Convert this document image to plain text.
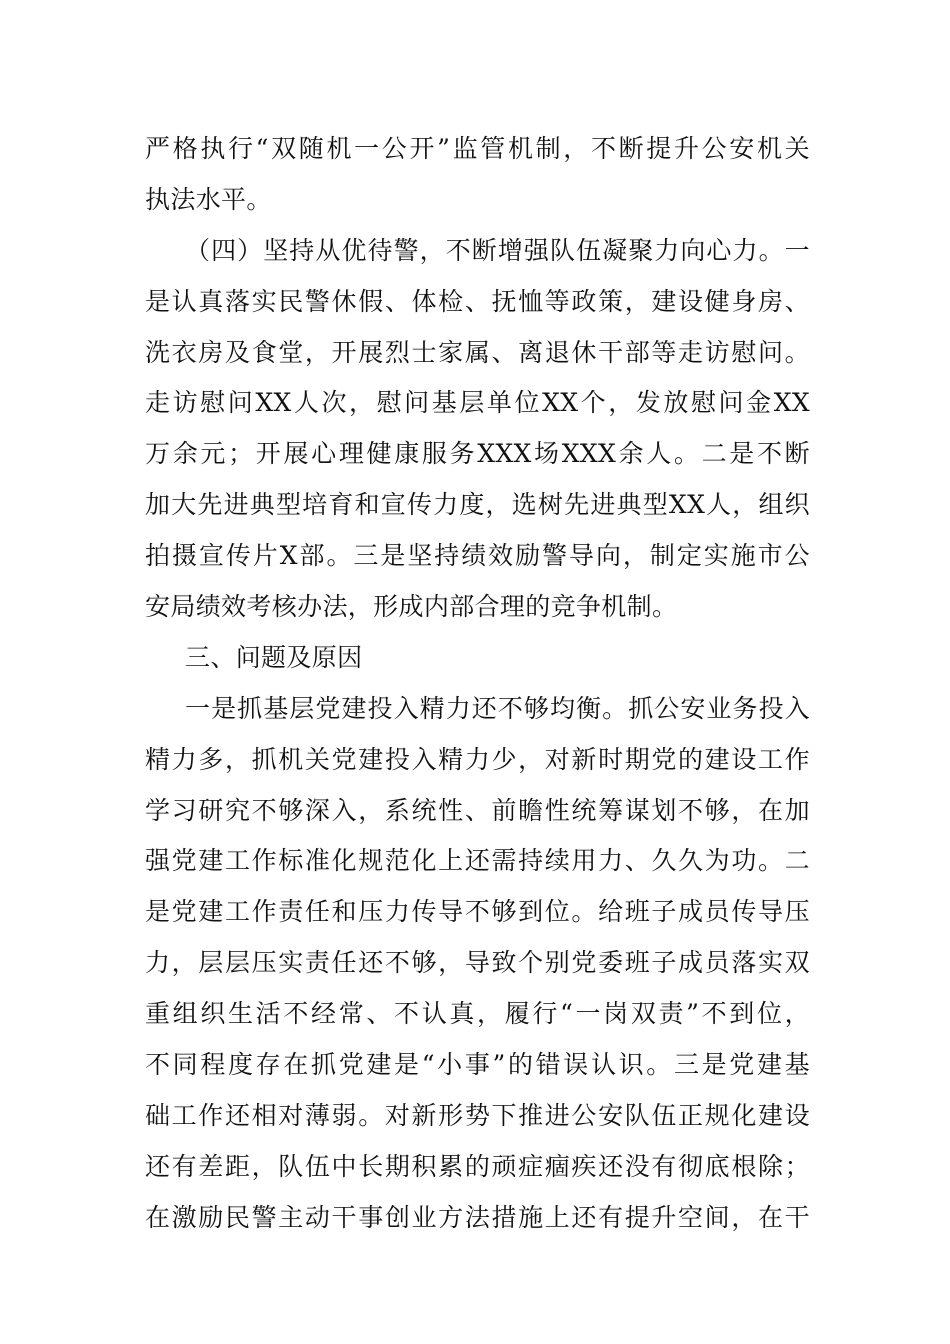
严格执行“双随机一公开”监管机制，不断提升公安机关
执法水平。
（四）坚持从优待警，不断增强队伍凝聚力向心力。一
是认真落实民警休假、体检、抚恤等政策，建设健身房、
洗衣房及食堂，开展烈士家属、离退休干部等走访慰问。
走访慰问XX人次，慰问基层单位XX个，发放慰问金XX
万余元；开展心理健康服务XXX场XXX余人。二是不断
加大先进典型培育和宣传力度，选树先进典型XX人，组织
拍摄宣传片X部。三是坚持绩效励警导向，制定实施市公
安局绩效考核办法，形成内部合理的竞争机制。
三、问题及原因
一是抓基层党建投入精力还不够均衡。抓公安业务投入
精力多，抓机关党建投入精力少，对新时期党的建设工作
学习研究不够深入，系统性、前瞻性统筹谋划不够，在加
强党建工作标准化规范化上还需持续用力、久久为功。二
是党建工作责任和压力传导不够到位。给班子成员传导压
力，层层压实责任还不够，导致个别党委班子成员落实双
重组织生活不经常、不认真，履行“一岗双责”不到位，
不同程度存在抓党建是“小事”的错误认识。三是党建基
础工作还相对薄弱。对新形势下推进公安队伍正规化建设
还有差距，队伍中长期积累的顽症痼疾还没有彻底根除；
在激励民警主动干事创业方法措施上还有提升空间，在干
